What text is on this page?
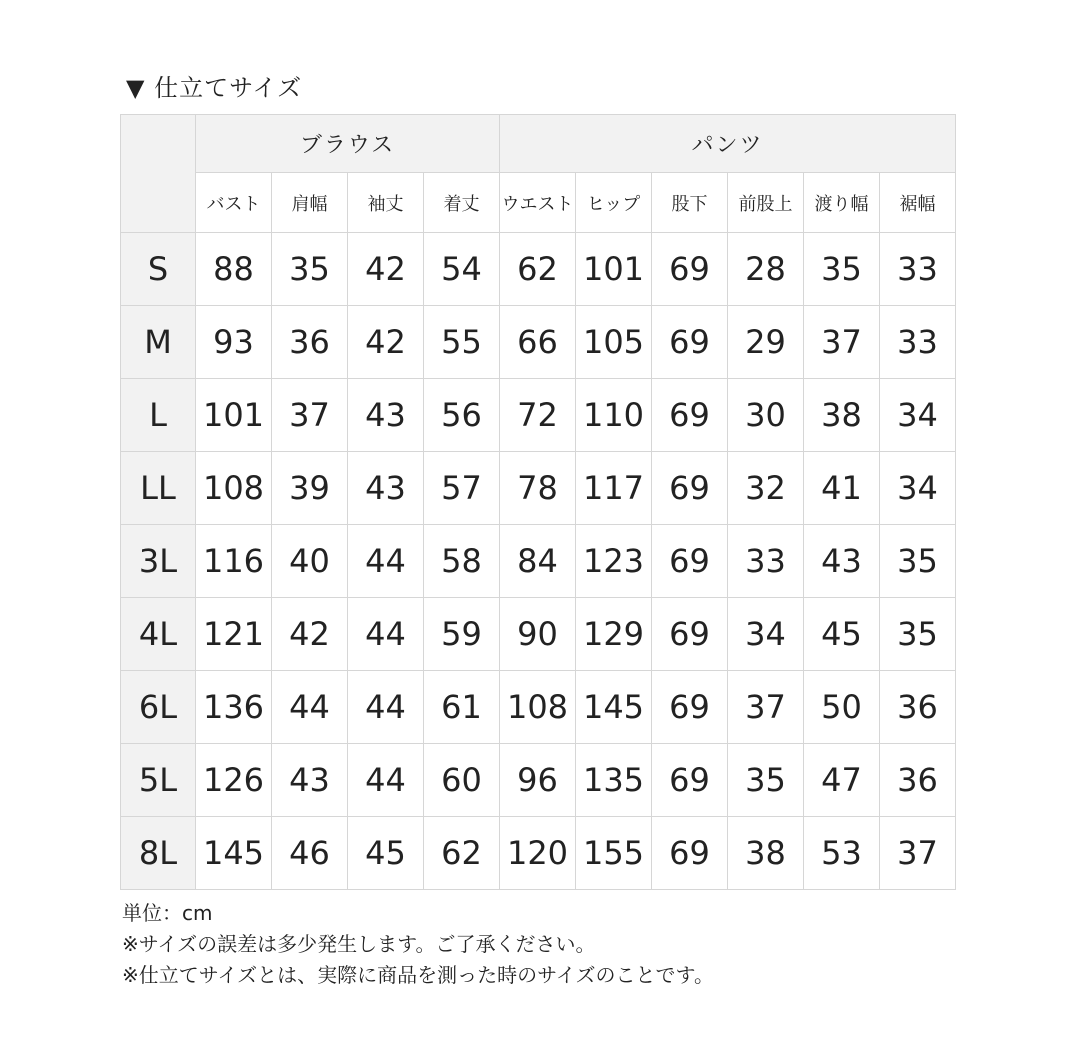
▼ 仕立てサイズ
	ブラウス				パンツ					
	バスト	肩幅	袖丈	着丈	ウエスト	ヒップ	股下	前股上	渡り幅	裾幅
S	88	35	42	54	62	101	69	28	35	33
M	93	36	42	55	66	105	69	29	37	33
L	101	37	43	56	72	110	69	30	38	34
LL	108	39	43	57	78	117	69	32	41	34
3L	116	40	44	58	84	123	69	33	43	35
4L	121	42	44	59	90	129	69	34	45	35
6L	136	44	44	61	108	145	69	37	50	36
5L	126	43	44	60	96	135	69	35	47	36
8L	145	46	45	62	120	155	69	38	53	37
単位：cm
※サイズの誤差は多少発生します。ご了承ください。
※仕立てサイズとは、実際に商品を測った時のサイズのことです。
